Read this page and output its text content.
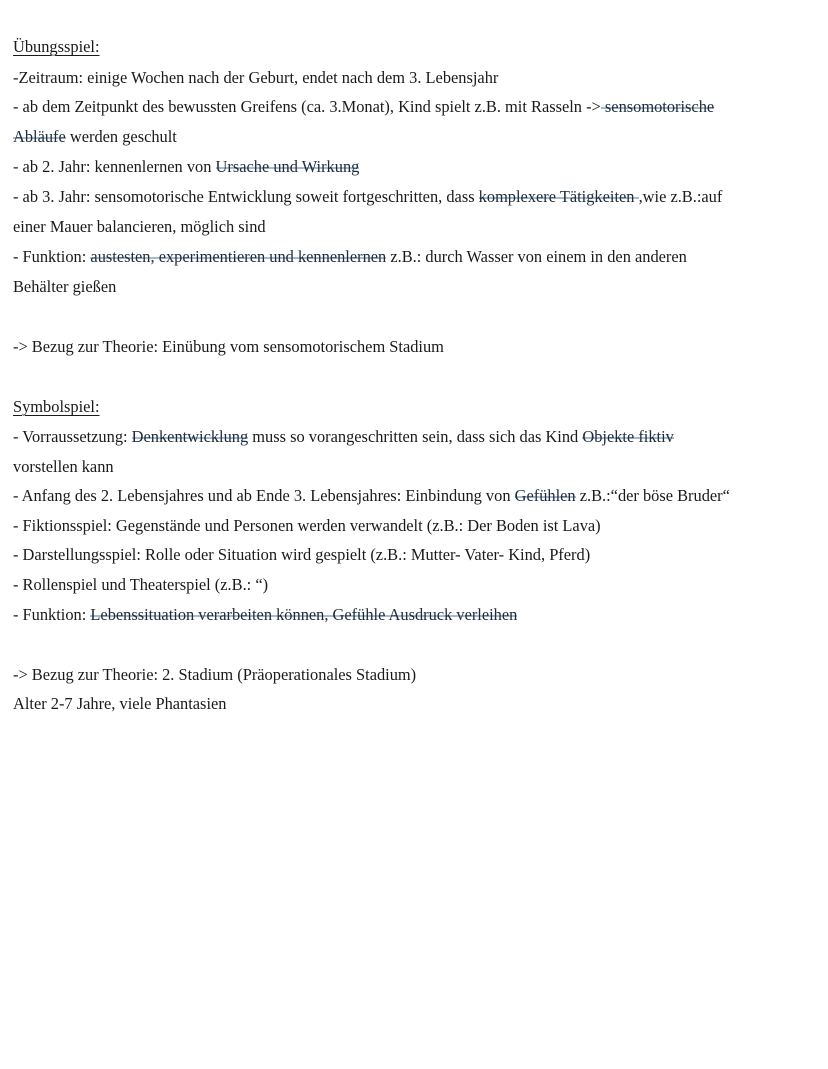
Übungsspiel:
-Zeitraum: einige Wochen nach der Geburt, endet nach dem 3. Lebensjahr
- ab dem Zeitpunkt des bewussten Greifens (ca. 3.Monat), Kind spielt z.B. mit Rasseln -> sensomotorische
Abläufe werden geschult
- ab 2. Jahr: kennenlernen von Ursache und Wirkung
- ab 3. Jahr: sensomotorische Entwicklung soweit fortgeschritten, dass komplexere Tätigkeiten ,wie z.B.:auf
einer Mauer balancieren, möglich sind
- Funktion: austesten, experimentieren und kennenlernen z.B.: durch Wasser von einem in den anderen
Behälter gießen
-> Bezug zur Theorie: Einübung vom sensomotorischem Stadium
Symbolspiel:
- Vorraussetzung: Denkentwicklung muss so vorangeschritten sein, dass sich das Kind Objekte fiktiv
vorstellen kann
- Anfang des 2. Lebensjahres und ab Ende 3. Lebensjahres: Einbindung von Gefühlen z.B.:“der böse Bruder“
- Fiktionsspiel: Gegenstände und Personen werden verwandelt (z.B.: Der Boden ist Lava)
- Darstellungsspiel: Rolle oder Situation wird gespielt (z.B.: Mutter- Vater- Kind, Pferd)
- Rollenspiel und Theaterspiel (z.B.: “)
- Funktion: Lebenssituation verarbeiten können, Gefühle Ausdruck verleihen
-> Bezug zur Theorie: 2. Stadium (Präoperationales Stadium)
Alter 2-7 Jahre, viele Phantasien
